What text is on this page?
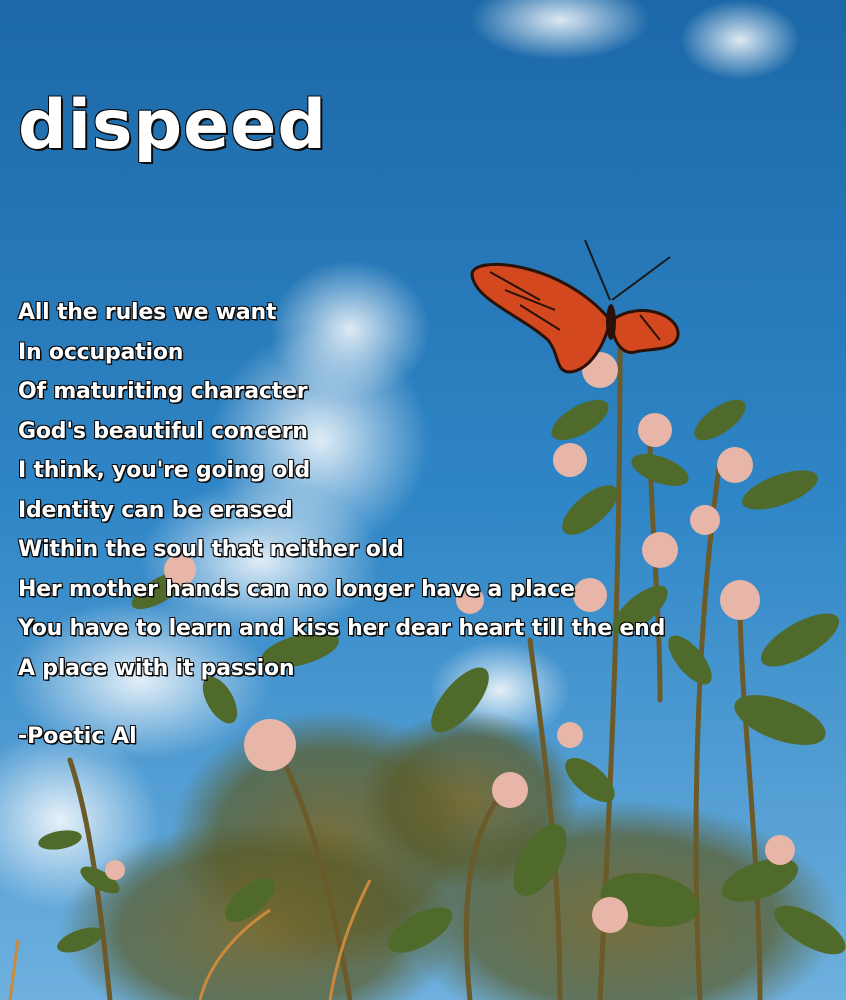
dispeed
All the rules we want
In occupation
Of maturiting character
God's beautiful concern
I think, you're going old
Identity can be erased
Within the soul that neither old
Her mother hands can no longer have a place
You have to learn and kiss her dear heart till the end
A place with it passion
-Poetic Al
